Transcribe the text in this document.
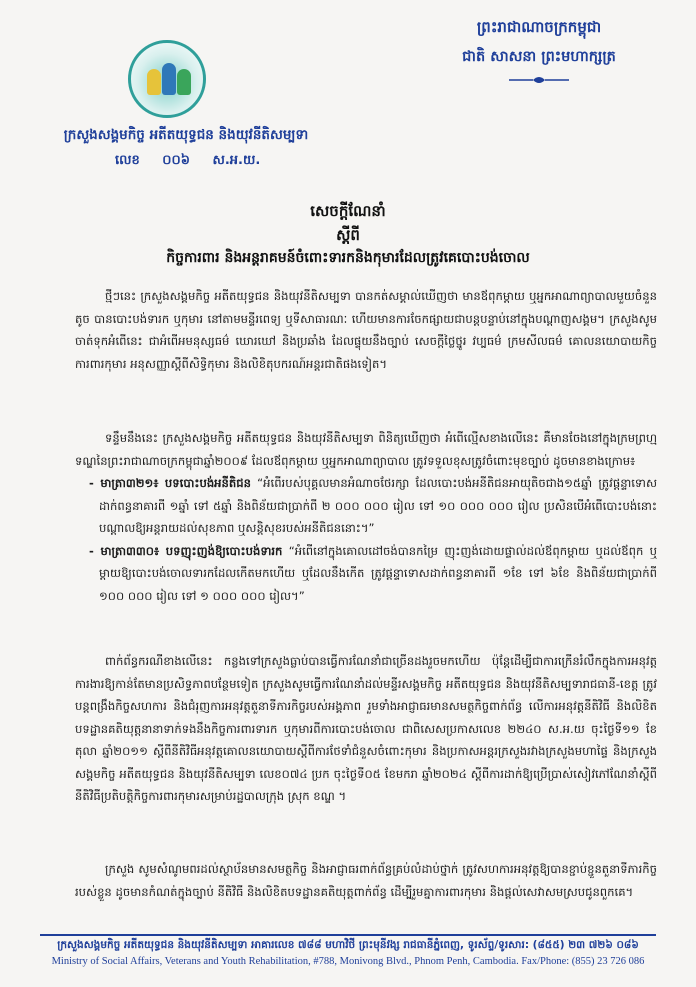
ក្រសួងសង្គមកិច្ច អតីតយុទ្ធជន និងយុវនីតិសម្បទា
ព្រះរាជាណាចក្រកម្ពុជា
ជាតិ សាសនា ព្រះមហាក្សត្រ
លេខ ០០៦ ស.អ.យ.
សេចក្ដីណែនាំ
ស្ដីពី
កិច្ចការពារ និងអន្ដរាគមន៍ចំពោះទារកនិងកុមារដែលត្រូវគេបោះបង់ចោល
ថ្មីៗនេះ ក្រសួងសង្គមកិច្ច អតីតយុទ្ធជន និងយុវនីតិសម្បទា បានកត់សម្គាល់ឃើញថា មានឪពុកម្ដាយ ឬអ្នកអាណាព្យាបាលមួយចំនួនតូច បានបោះបង់ទារក ឬកុមារ នៅតាមមន្ទីរពេទ្យ ឬទីសាធារណៈ ហើយមានការចែកផ្សាយជាបន្តបន្ទាប់នៅក្នុងបណ្ដាញសង្គម។ ក្រសួងសូមចាត់ទុកអំពើនេះ ជាអំពើអមនុស្សធម៌ ឃោរឃៅ និងប្រឆាំង ដែលផ្ទុយនឹងច្បាប់ សេចក្ដីថ្លៃថ្នូរ វប្បធម៌ ក្រមសីលធម៌ គោលនយោបាយកិច្ចការពារកុមារ អនុសញ្ញាស្ដីពីសិទ្ធិកុមារ និងលិខិតុបករណ៍អន្ដរជាតិផងទៀត។
ទន្ទឹមនឹងនេះ ក្រសួងសង្គមកិច្ច អតីតយុទ្ធជន និងយុវនីតិសម្បទា ពិនិត្យឃើញថា អំពើល្មើសខាងលើនេះ គឺមានចែងនៅក្នុងក្រមព្រហ្មទណ្ឌនៃព្រះរាជាណាចក្រកម្ពុជាឆ្នាំ២០០៩ ដែលឪពុកម្ដាយ ឬអ្នកអាណាព្យាបាល ត្រូវទទួលខុសត្រូវចំពោះមុខច្បាប់ ដូចមានខាងក្រោម៖
- មាត្រា៣២១៖ បទបោះបង់អនីតិជន “អំពើរបស់បុគ្គលមានអំណាចថែរក្សា ដែលបោះបង់អនីតិជនអាយុតិចជាង១៥ឆ្នាំ ត្រូវផ្ដន្ទាទោសដាក់ពន្ធនាគារពី ១ឆ្នាំ ទៅ ៥ឆ្នាំ និងពិន័យជាប្រាក់ពី ២ ០០០ ០០០ រៀល ទៅ ១០ ០០០ ០០០ រៀល ប្រសិនបើអំពើបោះបង់នោះបណ្ដាលឱ្យអន្តរាយដល់សុខភាព ឬសន្តិសុខរបស់អនីតិជននោះ។”
- មាត្រា៣៣០៖ បទញុះញង់ឱ្យបោះបង់ទារក “អំពើនៅក្នុងគោលដៅចង់បានកម្រៃ ញុះញង់ដោយផ្ទាល់ដល់ឪពុកម្ដាយ ឬដល់ឪពុក ឬម្ដាយឱ្យបោះបង់ចោលទារកដែលកើតមកហើយ ឬដែលនឹងកើត ត្រូវផ្ដន្ទាទោសដាក់ពន្ធនាគារពី ១ខែ ទៅ ៦ខែ និងពិន័យជាប្រាក់ពី ១០០ ០០០ រៀល ទៅ ១ ០០០ ០០០ រៀល។”
ពាក់ព័ន្ធករណីខាងលើនេះ កន្លងទៅក្រសួងធ្លាប់បានធ្វើការណែនាំជាច្រើនដងរួចមកហើយ ប៉ុន្តែដើម្បីជាការក្រើនរំលឹកក្នុងការអនុវត្តការងារឱ្យកាន់តែមានប្រសិទ្ធភាពបន្ថែមទៀត ក្រសួងសូមធ្វើការណែនាំដល់មន្ទីរសង្គមកិច្ច អតីតយុទ្ធជន និងយុវនីតិសម្បទារាជធានី-ខេត្ត ត្រូវបន្តពង្រឹងកិច្ចសហការ និងជំរុញការអនុវត្តតួនាទីភារកិច្ចរបស់អង្គភាព រួមទាំងអាជ្ញាធរមានសមត្ថកិច្ចពាក់ព័ន្ធ លើការអនុវត្តនីតិវិធី និងលិខិតបទដ្ឋានគតិយុត្តនានាទាក់ទងនឹងកិច្ចការពារទារក ឬកុមារពីការបោះបង់ចោល ជាពិសេសប្រកាសលេខ ២២៤០ ស.អ.យ ចុះថ្ងៃទី១១ ខែតុលា ឆ្នាំ២០១១ ស្ដីពីនីតិវិធីអនុវត្តគោលនយោបាយស្ដីពីការថែទាំជំនួសចំពោះកុមារ និងប្រកាសអន្តរក្រសួងរវាងក្រសួងមហាផ្ទៃ និងក្រសួងសង្គមកិច្ច អតីតយុទ្ធជន និងយុវនីតិសម្បទា លេខ០៧៤ ប្រក ចុះថ្ងៃទី០៥ ខែមករា ឆ្នាំ២០២៤ ស្ដីពីការដាក់ឱ្យប្រើប្រាស់សៀវភៅណែនាំស្ដីពីនីតិវិធីប្រតិបត្តិកិច្ចការពារកុមារសម្រាប់រដ្ឋបាលក្រុង ស្រុក ខណ្ឌ ។
ក្រសួង សូមសំណូមពរដល់ស្ថាប័នមានសមត្ថកិច្ច និងអាជ្ញាធរពាក់ព័ន្ធគ្រប់លំដាប់ថ្នាក់ ត្រូវសហការអនុវត្តឱ្យបានខ្ជាប់ខ្ជួនតួនាទីភារកិច្ចរបស់ខ្លួន ដូចមានកំណត់ក្នុងច្បាប់ នីតិវិធី និងលិខិតបទដ្ឋានគតិយុត្តពាក់ព័ន្ធ ដើម្បីរួមគ្នាការពារកុមារ និងផ្ដល់សេវាសមស្របជូនពួកគេ។
ក្រសួងសង្គមកិច្ច អតីតយុទ្ធជន និងយុវនីតិសម្បទា អាគារលេខ ៧៨៨ មហាវិថី ព្រះមុនីវង្ស រាជធានីភ្នំពេញ, ទូរស័ព្ទ/ទូរសារ: (៨៥៥) ២៣ ៧២៦ ០៨៦
Ministry of Social Affairs, Veterans and Youth Rehabilitation, #788, Monivong Blvd., Phnom Penh, Cambodia. Fax/Phone: (855) 23 726 086
